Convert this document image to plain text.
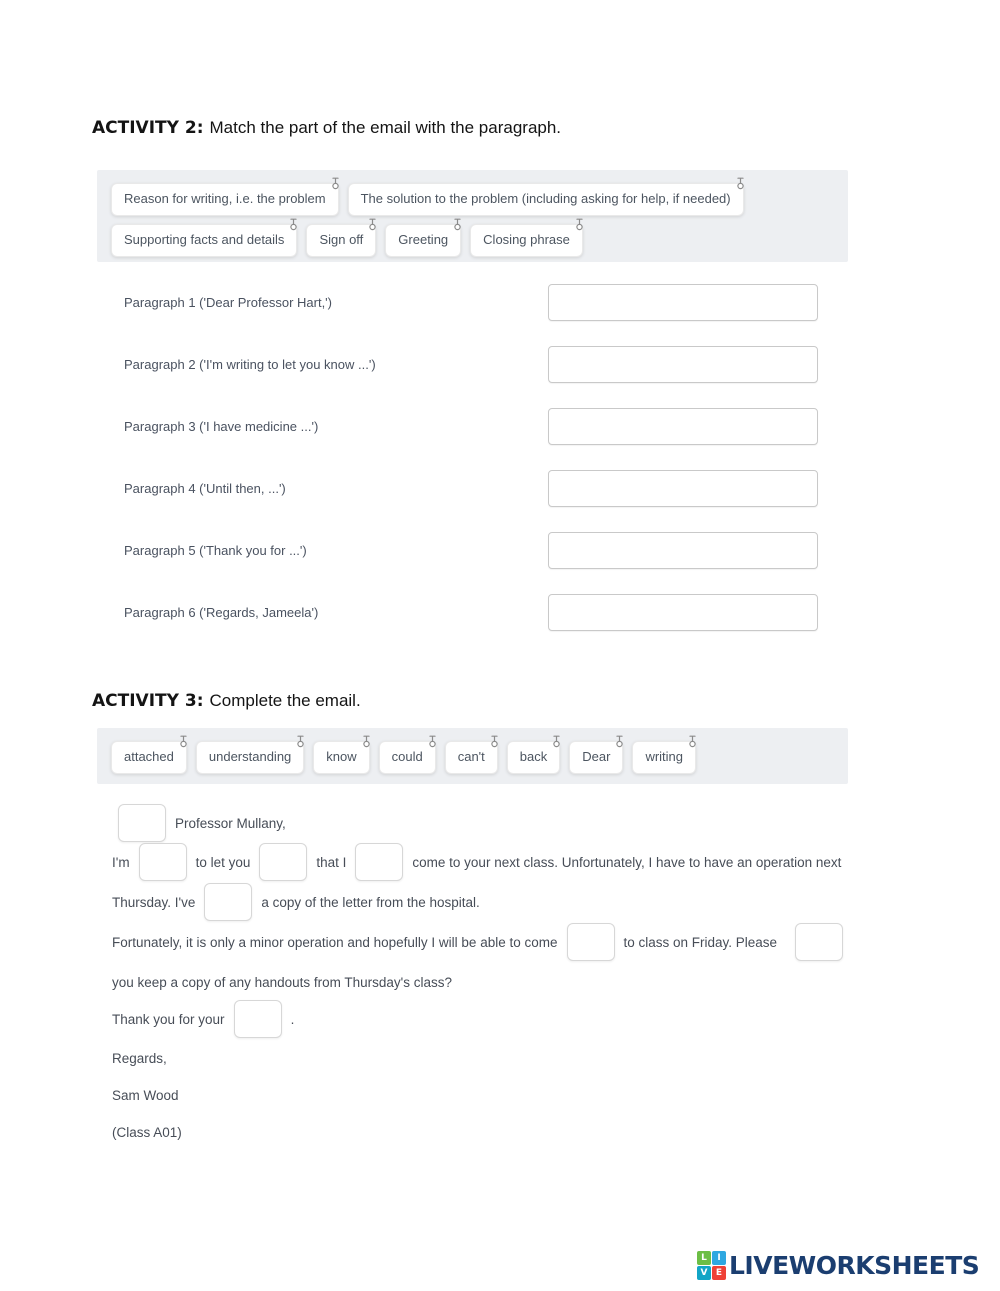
ACTIVITY 2: Match the part of the email with the paragraph.
Reason for writing, i.e. the problem	The solution to the problem (including asking for help, if needed)
Supporting facts and details	Sign off	Greeting	Closing phrase
Paragraph 1 ('Dear Professor Hart,')
Paragraph 2 ('I'm writing to let you know ...')
Paragraph 3 ('I have medicine ...')
Paragraph 4 ('Until then, ...')
Paragraph 5 ('Thank you for ...')
Paragraph 6 ('Regards, Jameela')
ACTIVITY 3: Complete the email.
attached	understanding	know	could	can't	back	Dear	writing
Professor Mullany,
I'm	to let you	that I	come to your next class. Unfortunately, I have to have an operation next
Thursday. I've	a copy of the letter from the hospital.
Fortunately, it is only a minor operation and hopefully I will be able to come	to class on Friday. Please
you keep a copy of any handouts from Thursday's class?
Thank you for your	.
Regards,
Sam Wood
(Class A01)
L	I
V E LIVEWORKSHEETS
